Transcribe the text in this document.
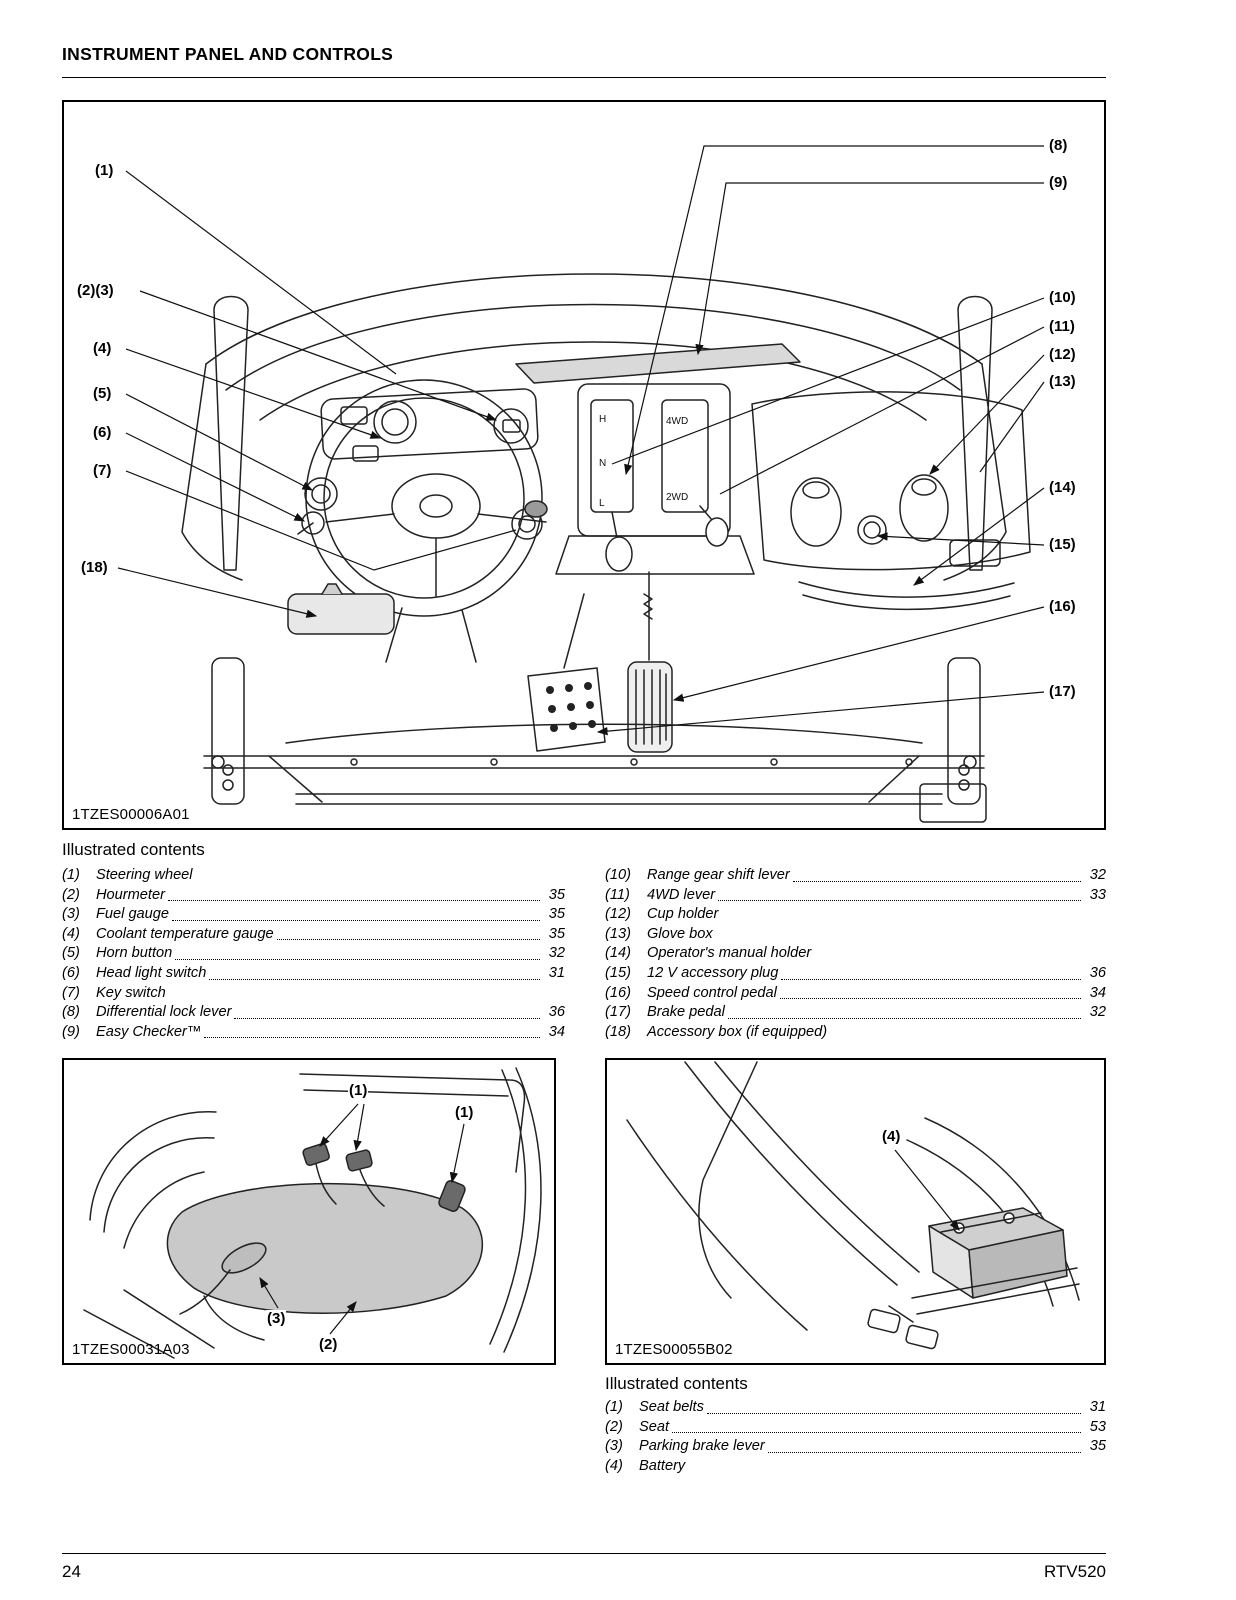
INSTRUMENT PANEL AND CONTROLS
H
N
L
4WD
2WD
(1)
(2)(3)
(4)
(5)
(6)
(7)
(18)
(8)
(9)
(10)
(11)
(12)
(13)
(14)
(15)
(16)
(17)
1TZES00006A01
Illustrated contents
(1)	Steering wheel
(2)	Hourmeter	35
(3)	Fuel gauge	35
(4)	Coolant temperature gauge	35
(5)	Horn button	32
(6)	Head light switch	31
(7)	Key switch
(8)	Differential lock lever	36
(9)	Easy Checker™	34
(10)	Range gear shift lever	32
(11)	4WD lever	33
(12)	Cup holder
(13)	Glove box
(14)	Operator's manual holder
(15)	12 V accessory plug	36
(16)	Speed control pedal	34
(17)	Brake pedal	32
(18)	Accessory box (if equipped)
(1)
(1)
(3)
(2)
1TZES00031A03
(4)
1TZES00055B02
Illustrated contents
(1)	Seat belts	31
(2)	Seat	53
(3)	Parking brake lever	35
(4)	Battery
24	RTV520
